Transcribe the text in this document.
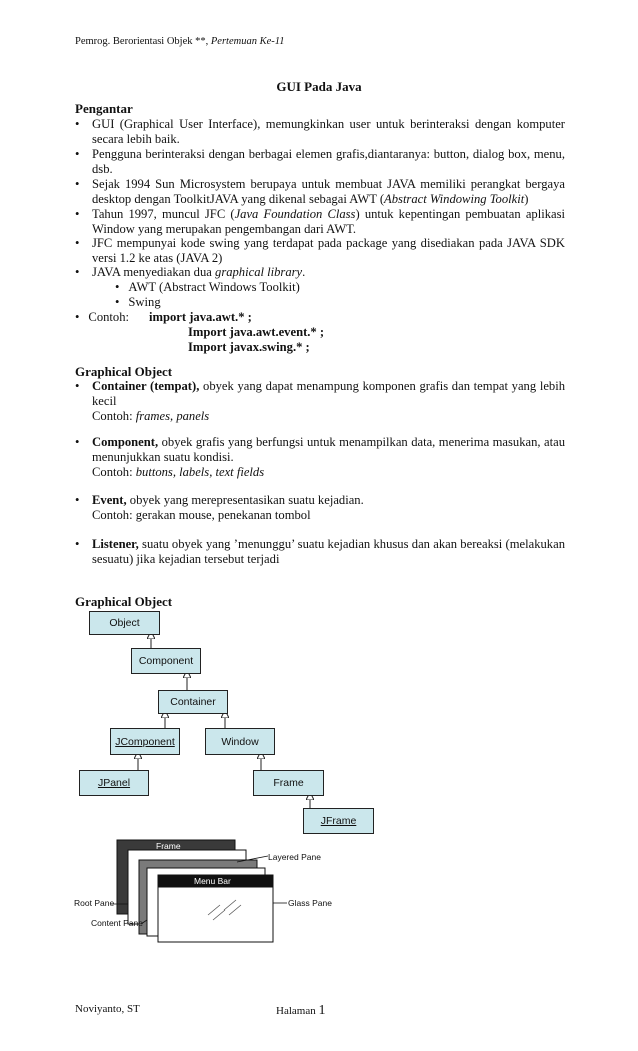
Pemrog. Berorientasi Objek **, Pertemuan Ke-11
GUI Pada Java
Pengantar
• GUI (Graphical User Interface), memungkinkan user untuk berinteraksi dengan komputer
secara lebih baik.
• Pengguna berinteraksi dengan berbagai elemen grafis,diantaranya: button, dialog box, menu,
dsb.
• Sejak 1994 Sun Microsystem berupaya untuk membuat JAVA memiliki perangkat bergaya
desktop dengan ToolkitJAVA yang dikenal sebagai AWT (Abstract Windowing Toolkit)
• Tahun 1997, muncul JFC (Java Foundation Class) untuk kepentingan pembuatan aplikasi
Window yang merupakan pengembangan dari AWT.
• JFC mempunyai kode swing yang terdapat pada package yang disediakan pada JAVA SDK
versi 1.2 ke atas (JAVA 2)
• JAVA menyediakan dua graphical library.
• AWT (Abstract Windows Toolkit)
• Swing
• Contoh: import java.awt.* ;
Import java.awt.event.* ;
Import javax.swing.* ;
Graphical Object
• Container (tempat), obyek yang dapat menampung komponen grafis dan tempat yang lebih
kecil
Contoh: frames, panels
• Component, obyek grafis yang berfungsi untuk menampilkan data, menerima masukan, atau
menunjukkan suatu kondisi.
Contoh: buttons, labels, text fields
• Event, obyek yang merepresentasikan suatu kejadian.
Contoh: gerakan mouse, penekanan tombol
• Listener, suatu obyek yang ’menunggu’ suatu kejadian khusus dan akan bereaksi (melakukan
sesuatu) jika kejadian tersebut terjadi
Graphical Object
Object
Component
Container
JComponent	Window
JPanel	Frame
JFrame
Frame
Menu Bar
Layered Pane
Root Pane
Content Pane
Glass Pane
Noviyanto, ST	Halaman 1
